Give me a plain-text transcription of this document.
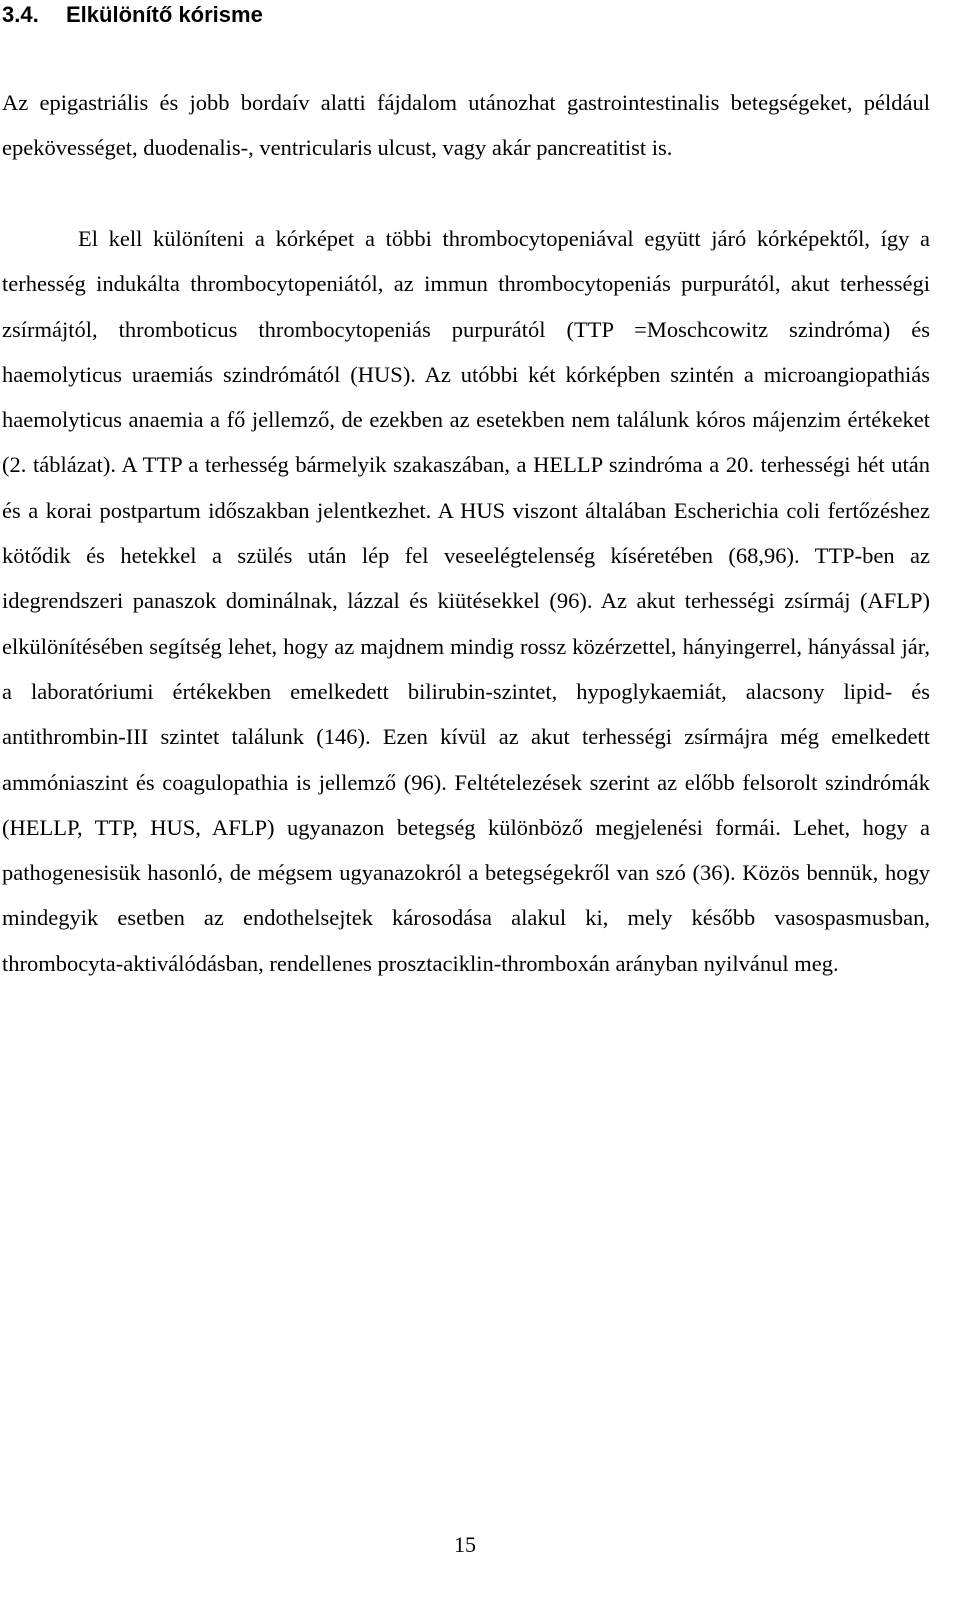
3.4. Elkülönítő kórisme

Az epigastriális és jobb bordaív alatti fájdalom utánozhat gastrointestinalis betegségeket, például epekövességet, duodenalis-, ventricularis ulcust, vagy akár pancreatitist is.

El kell különíteni a kórképet a többi thrombocytopeniával együtt járó kórképektől, így a terhesség indukálta thrombocytopeniától, az immun thrombocytopeniás purpurától, akut terhességi zsírmájtól, thromboticus thrombocytopeniás purpurától (TTP =Moschcowitz szindróma) és haemolyticus uraemiás szindrómától (HUS). Az utóbbi két kórképben szintén a microangiopathiás haemolyticus anaemia a fő jellemző, de ezekben az esetekben nem találunk kóros májenzim értékeket (2. táblázat). A TTP a terhesség bármelyik szakaszában, a HELLP szindróma a 20. terhességi hét után és a korai postpartum időszakban jelentkezhet. A HUS viszont általában Escherichia coli fertőzéshez kötődik és hetekkel a szülés után lép fel veseelégtelenség kíséretében (68,96). TTP-ben az idegrendszeri panaszok dominálnak, lázzal és kiütésekkel (96). Az akut terhességi zsírmáj (AFLP) elkülönítésében segítség lehet, hogy az majdnem mindig rossz közérzettel, hányingerrel, hányással jár, a laboratóriumi értékekben emelkedett bilirubin-szintet, hypoglykaemiát, alacsony lipid- és antithrombin-III szintet találunk (146). Ezen kívül az akut terhességi zsírmájra még emelkedett ammóniaszint és coagulopathia is jellemző (96). Feltételezések szerint az előbb felsorolt szindrómák (HELLP, TTP, HUS, AFLP) ugyanazon betegség különböző megjelenési formái. Lehet, hogy a pathogenesisük hasonló, de mégsem ugyanazokról a betegségekről van szó (36). Közös bennük, hogy mindegyik esetben az endothelsejtek károsodása alakul ki, mely később vasospasmusban, thrombocyta-aktiválódásban, rendellenes prosztaciklin-thromboxán arányban nyilvánul meg.

15
